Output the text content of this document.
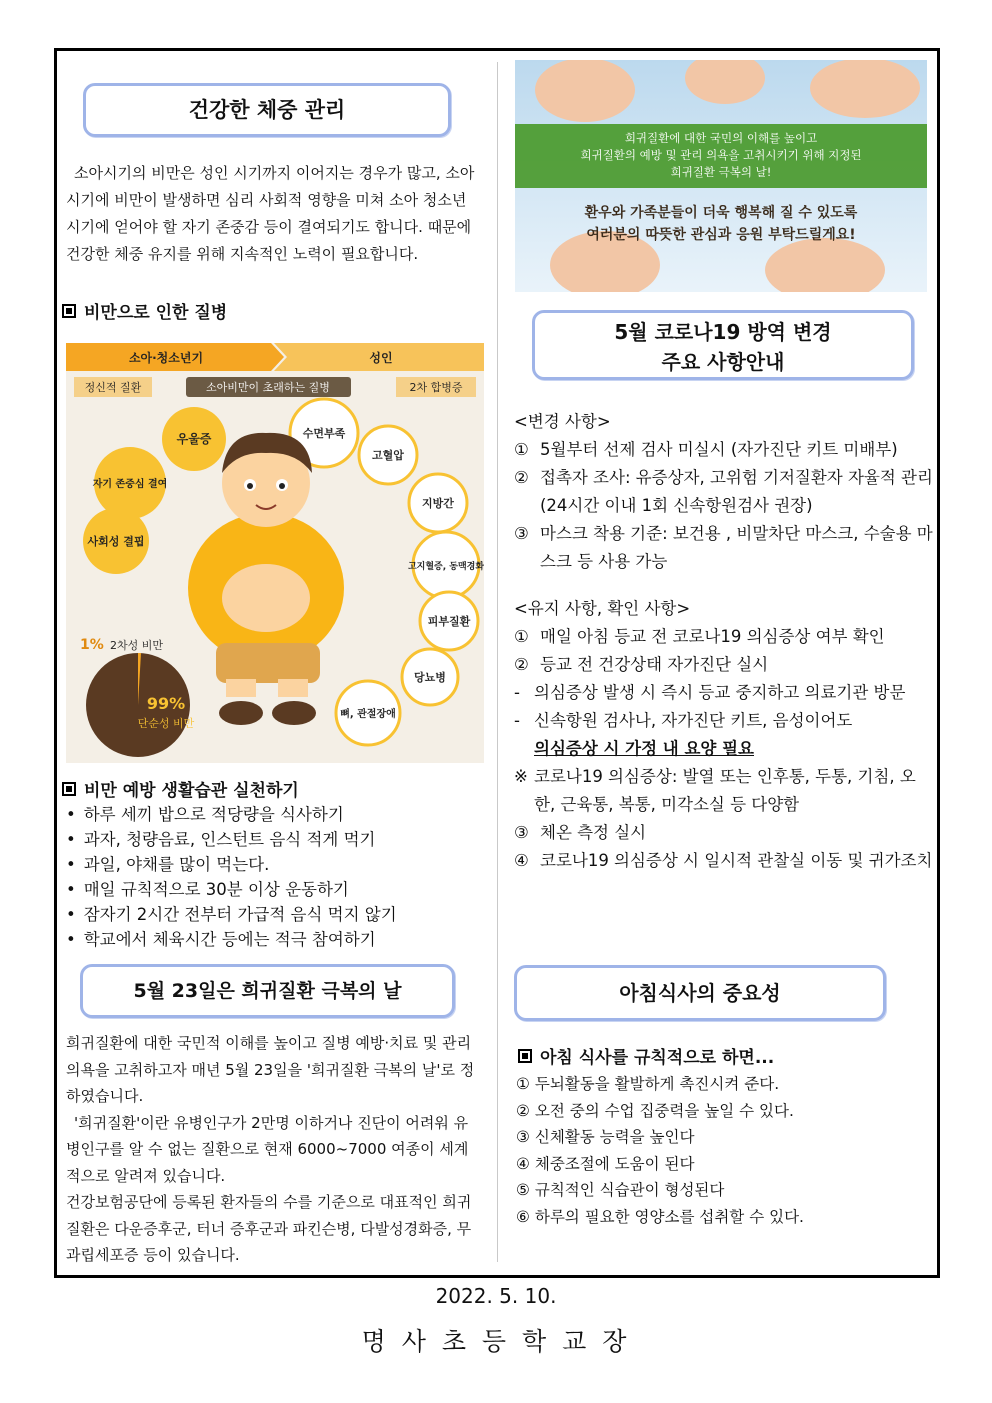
건강한 체중 관리

소아시기의 비만은 성인 시기까지 이어지는 경우가 많고, 소아시기에 비만이 발생하면 심리 사회적 영향을 미쳐 소아 청소년 시기에 얻어야 할 자기 존중감 등이 결여되기도 합니다. 때문에 건강한 체중 유지를 위해 지속적인 노력이 필요합니다.

비만으로 인한 질병
소아·청소년기	성인
정신적 질환	소아비만이 초래하는 질병	2차 합병증
우울증
자기 존중심 결여
사회성 결핍
수면부족
고혈압
지방간
고지혈증, 동맥경화
피부질환
당뇨병
뼈, 관절장애
1% 2차성 비만
99%
단순성 비만
비만 예방 생활습관 실천하기
• 하루 세끼 밥으로 적당량을 식사하기
• 과자, 청량음료, 인스턴트 음식 적게 먹기
• 과일, 야채를 많이 먹는다.
• 매일 규칙적으로 30분 이상 운동하기
• 잠자기 2시간 전부터 가급적 음식 먹지 않기
• 학교에서 체육시간 등에는 적극 참여하기
5월 23일은 희귀질환 극복의 날

희귀질환에 대한 국민적 이해를 높이고 질병 예방·치료 및 관리 의욕을 고취하고자 매년 5월 23일을 '희귀질환 극복의 날'로 정하였습니다.

'희귀질환'이란 유병인구가 2만명 이하거나 진단이 어려워 유병인구를 알 수 없는 질환으로 현재 6000~7000 여종이 세계적으로 알려져 있습니다.

건강보험공단에 등록된 환자들의 수를 기준으로 대표적인 희귀질환은 다운증후군, 터너 증후군과 파킨슨병, 다발성경화증, 무과립세포증 등이 있습니다.

희귀질환에 대한 국민의 이해를 높이고
희귀질환의 예방 및 관리 의욕을 고취시키기 위해 지정된
희귀질환 극복의 날!
환우와 가족분들이 더욱 행복해 질 수 있도록
여러분의 따뜻한 관심과 응원 부탁드릴게요!
5월 코로나19 방역 변경
주요 사항안내
<변경 사항>
① 5월부터 선제 검사 미실시 (자가진단 키트 미배부)
② 접촉자 조사: 유증상자, 고위험 기저질환자 자율적 관리(24시간 이내 1회 신속항원검사 권장)
③ 마스크 착용 기준: 보건용 , 비말차단 마스크, 수술용 마스크 등 사용 가능
<유지 사항, 확인 사항>
① 매일 아침 등교 전 코로나19 의심증상 여부 확인
② 등교 전 건강상태 자가진단 실시
- 의심증상 발생 시 즉시 등교 중지하고 의료기관 방문
- 신속항원 검사나, 자가진단 키트, 음성이어도
의심증상 시 가정 내 요양 필요
※ 코로나19 의심증상: 발열 또는 인후통, 두통, 기침, 오한, 근육통, 복통, 미각소실 등 다양함
③ 체온 측정 실시
④ 코로나19 의심증상 시 일시적 관찰실 이동 및 귀가조치
아침식사의 중요성
아침 식사를 규칙적으로 하면...
① 두뇌활동을 활발하게 촉진시켜 준다.
② 오전 중의 수업 집중력을 높일 수 있다.
③ 신체활동 능력을 높인다
④ 체중조절에 도움이 된다
⑤ 규칙적인 식습관이 형성된다
⑥ 하루의 필요한 영양소를 섭취할 수 있다.
2022. 5. 10.
명 사 초 등 학 교 장
